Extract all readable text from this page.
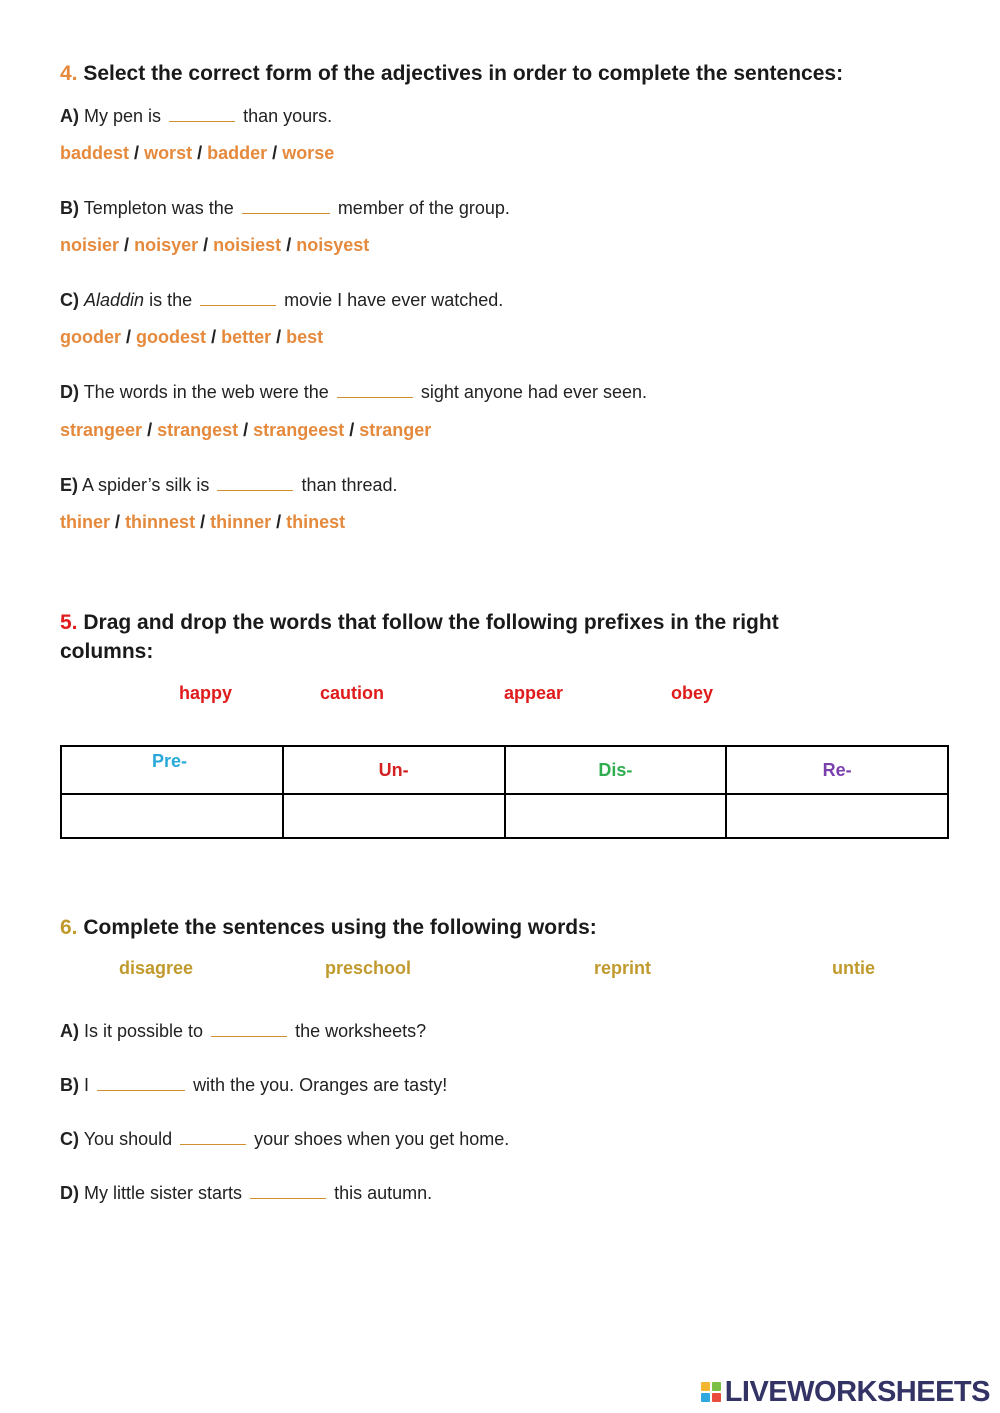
4. Select the correct form of the adjectives in order to complete the sentences:
A) My pen is	than yours.
baddest / worst / badder / worse
B) Templeton was the	member of the group.
noisier / noisyer / noisiest / noisyest
C) Aladdin is the	movie I have ever watched.
gooder / goodest / better / best
D) The words in the web were the	sight anyone had ever seen.
strangeer / strangest / strangeest / stranger
E) A spider’s silk is	than thread.
thiner / thinnest / thinner / thinest
5. Drag and drop the words that follow the following prefixes in the right
columns:
happy	caution	appear	obey
Pre-	Un-	Dis-	Re-

6. Complete the sentences using the following words:
disagree	preschool	reprint	untie
A) Is it possible to	the worksheets?
B) I	with the you. Oranges are tasty!
C) You should	your shoes when you get home.
D) My little sister starts	this autumn.
LIVEWORKSHEETS
